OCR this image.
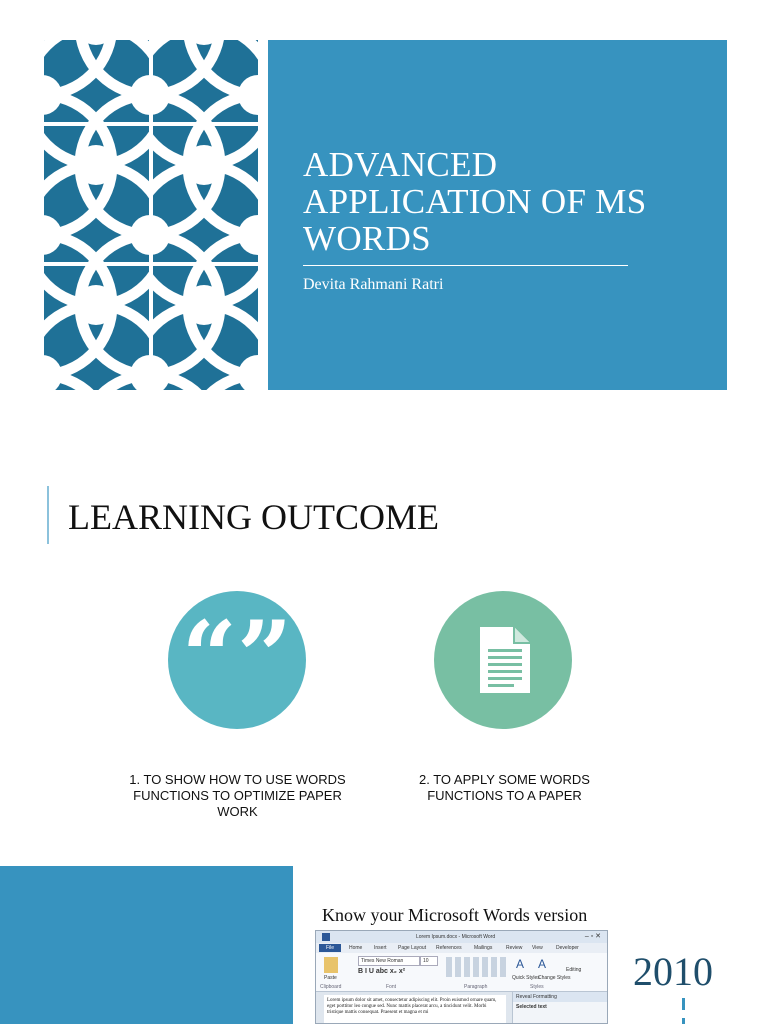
ADVANCED
APPLICATION OF MS
WORDS
Devita Rahmani Ratri
LEARNING OUTCOME
“”
1. TO SHOW HOW TO USE WORDS FUNCTIONS TO OPTIMIZE PAPER WORK
2. TO APPLY SOME WORDS FUNCTIONS TO A PAPER
Know your Microsoft Words version
Lorem Ipsum.docx - Microsoft Word	– ▫ ✕
File	Home Insert Page Layout References Mailings	Review View	Developer
Paste
Times New Roman	10
B I U abc x₂ x²
A A
Quick Styles
Change Styles
Editing
Clipboard	Font	Paragraph	Styles
Lorem ipsum dolor sit amet, consectetur adipiscing elit. Proin euismod ornare quam, eget porttitor leo congue sed. Nunc mattis placerat arcu, a tincidunt velit. Morbi tristique mattis consequat. Praesent et magna et mi
Reveal Formatting
Selected text
2010
